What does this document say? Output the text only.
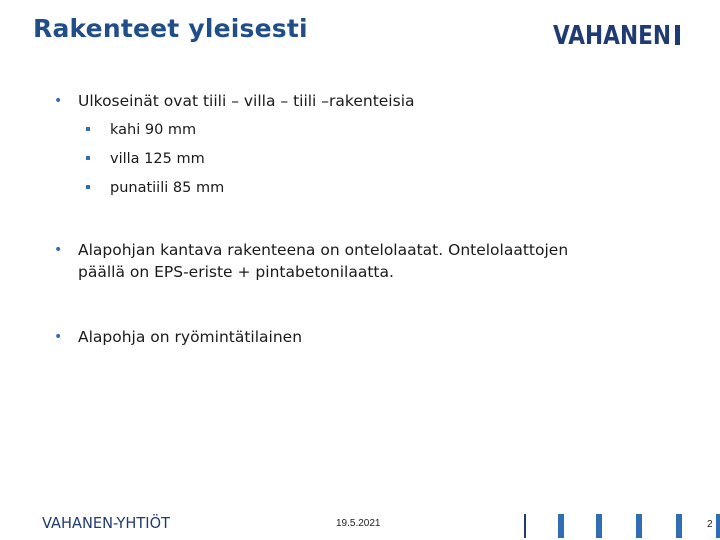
Rakenteet yleisesti	VAHANEN
• Ulkoseinät ovat tiili – villa – tiili –rakenteisia
kahi 90 mm
villa 125 mm
punatiili 85 mm
• Alapohjan kantava rakenteena on ontelolaatat. Ontelolaattojen
päällä on EPS-eriste + pintabetonilaatta.
• Alapohja on ryömintätilainen
VAHANEN-YHTIÖT	19.5.2021	2
